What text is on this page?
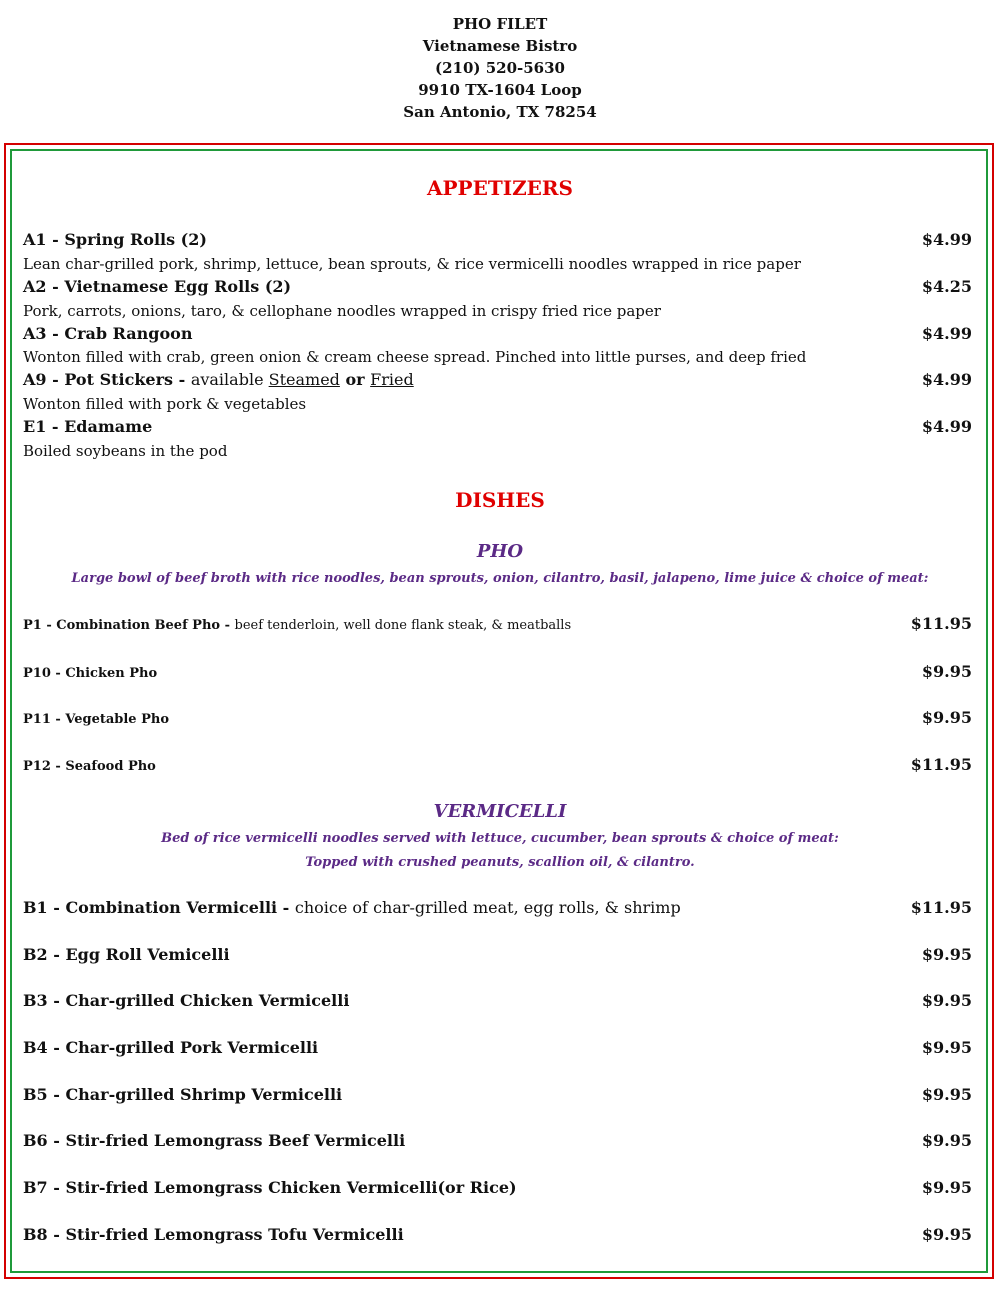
PHO FILET
Vietnamese Bistro
(210) 520-5630
9910 TX-1604 Loop
San Antonio, TX 78254
APPETIZERS
A1 - Spring Rolls (2)	$4.99
Lean char-grilled pork, shrimp, lettuce, bean sprouts, & rice vermicelli noodles wrapped in rice paper
A2 - Vietnamese Egg Rolls (2)	$4.25
Pork, carrots, onions, taro, & cellophane noodles wrapped in crispy fried rice paper
A3 - Crab Rangoon	$4.99
Wonton filled with crab, green onion & cream cheese spread. Pinched into little purses, and deep fried
A9 - Pot Stickers - available Steamed or Fried	$4.99
Wonton filled with pork & vegetables
E1 - Edamame	$4.99
Boiled soybeans in the pod
DISHES
PHO
Large bowl of beef broth with rice noodles, bean sprouts, onion, cilantro, basil, jalapeno, lime juice & choice of meat:
P1 - Combination Beef Pho - beef tenderloin, well done flank steak, & meatballs	$11.95
P10 - Chicken Pho	$9.95
P11 - Vegetable Pho	$9.95
P12 - Seafood Pho	$11.95
VERMICELLI
Bed of rice vermicelli noodles served with lettuce, cucumber, bean sprouts & choice of meat:
Topped with crushed peanuts, scallion oil, & cilantro.
B1 - Combination Vermicelli - choice of char-grilled meat, egg rolls, & shrimp	$11.95
B2 - Egg Roll Vemicelli	$9.95
B3 - Char-grilled Chicken Vermicelli	$9.95
B4 - Char-grilled Pork Vermicelli	$9.95
B5 - Char-grilled Shrimp Vermicelli	$9.95
B6 - Stir-fried Lemongrass Beef Vermicelli	$9.95
B7 - Stir-fried Lemongrass Chicken Vermicelli(or Rice)	$9.95
B8 - Stir-fried Lemongrass Tofu Vermicelli	$9.95
